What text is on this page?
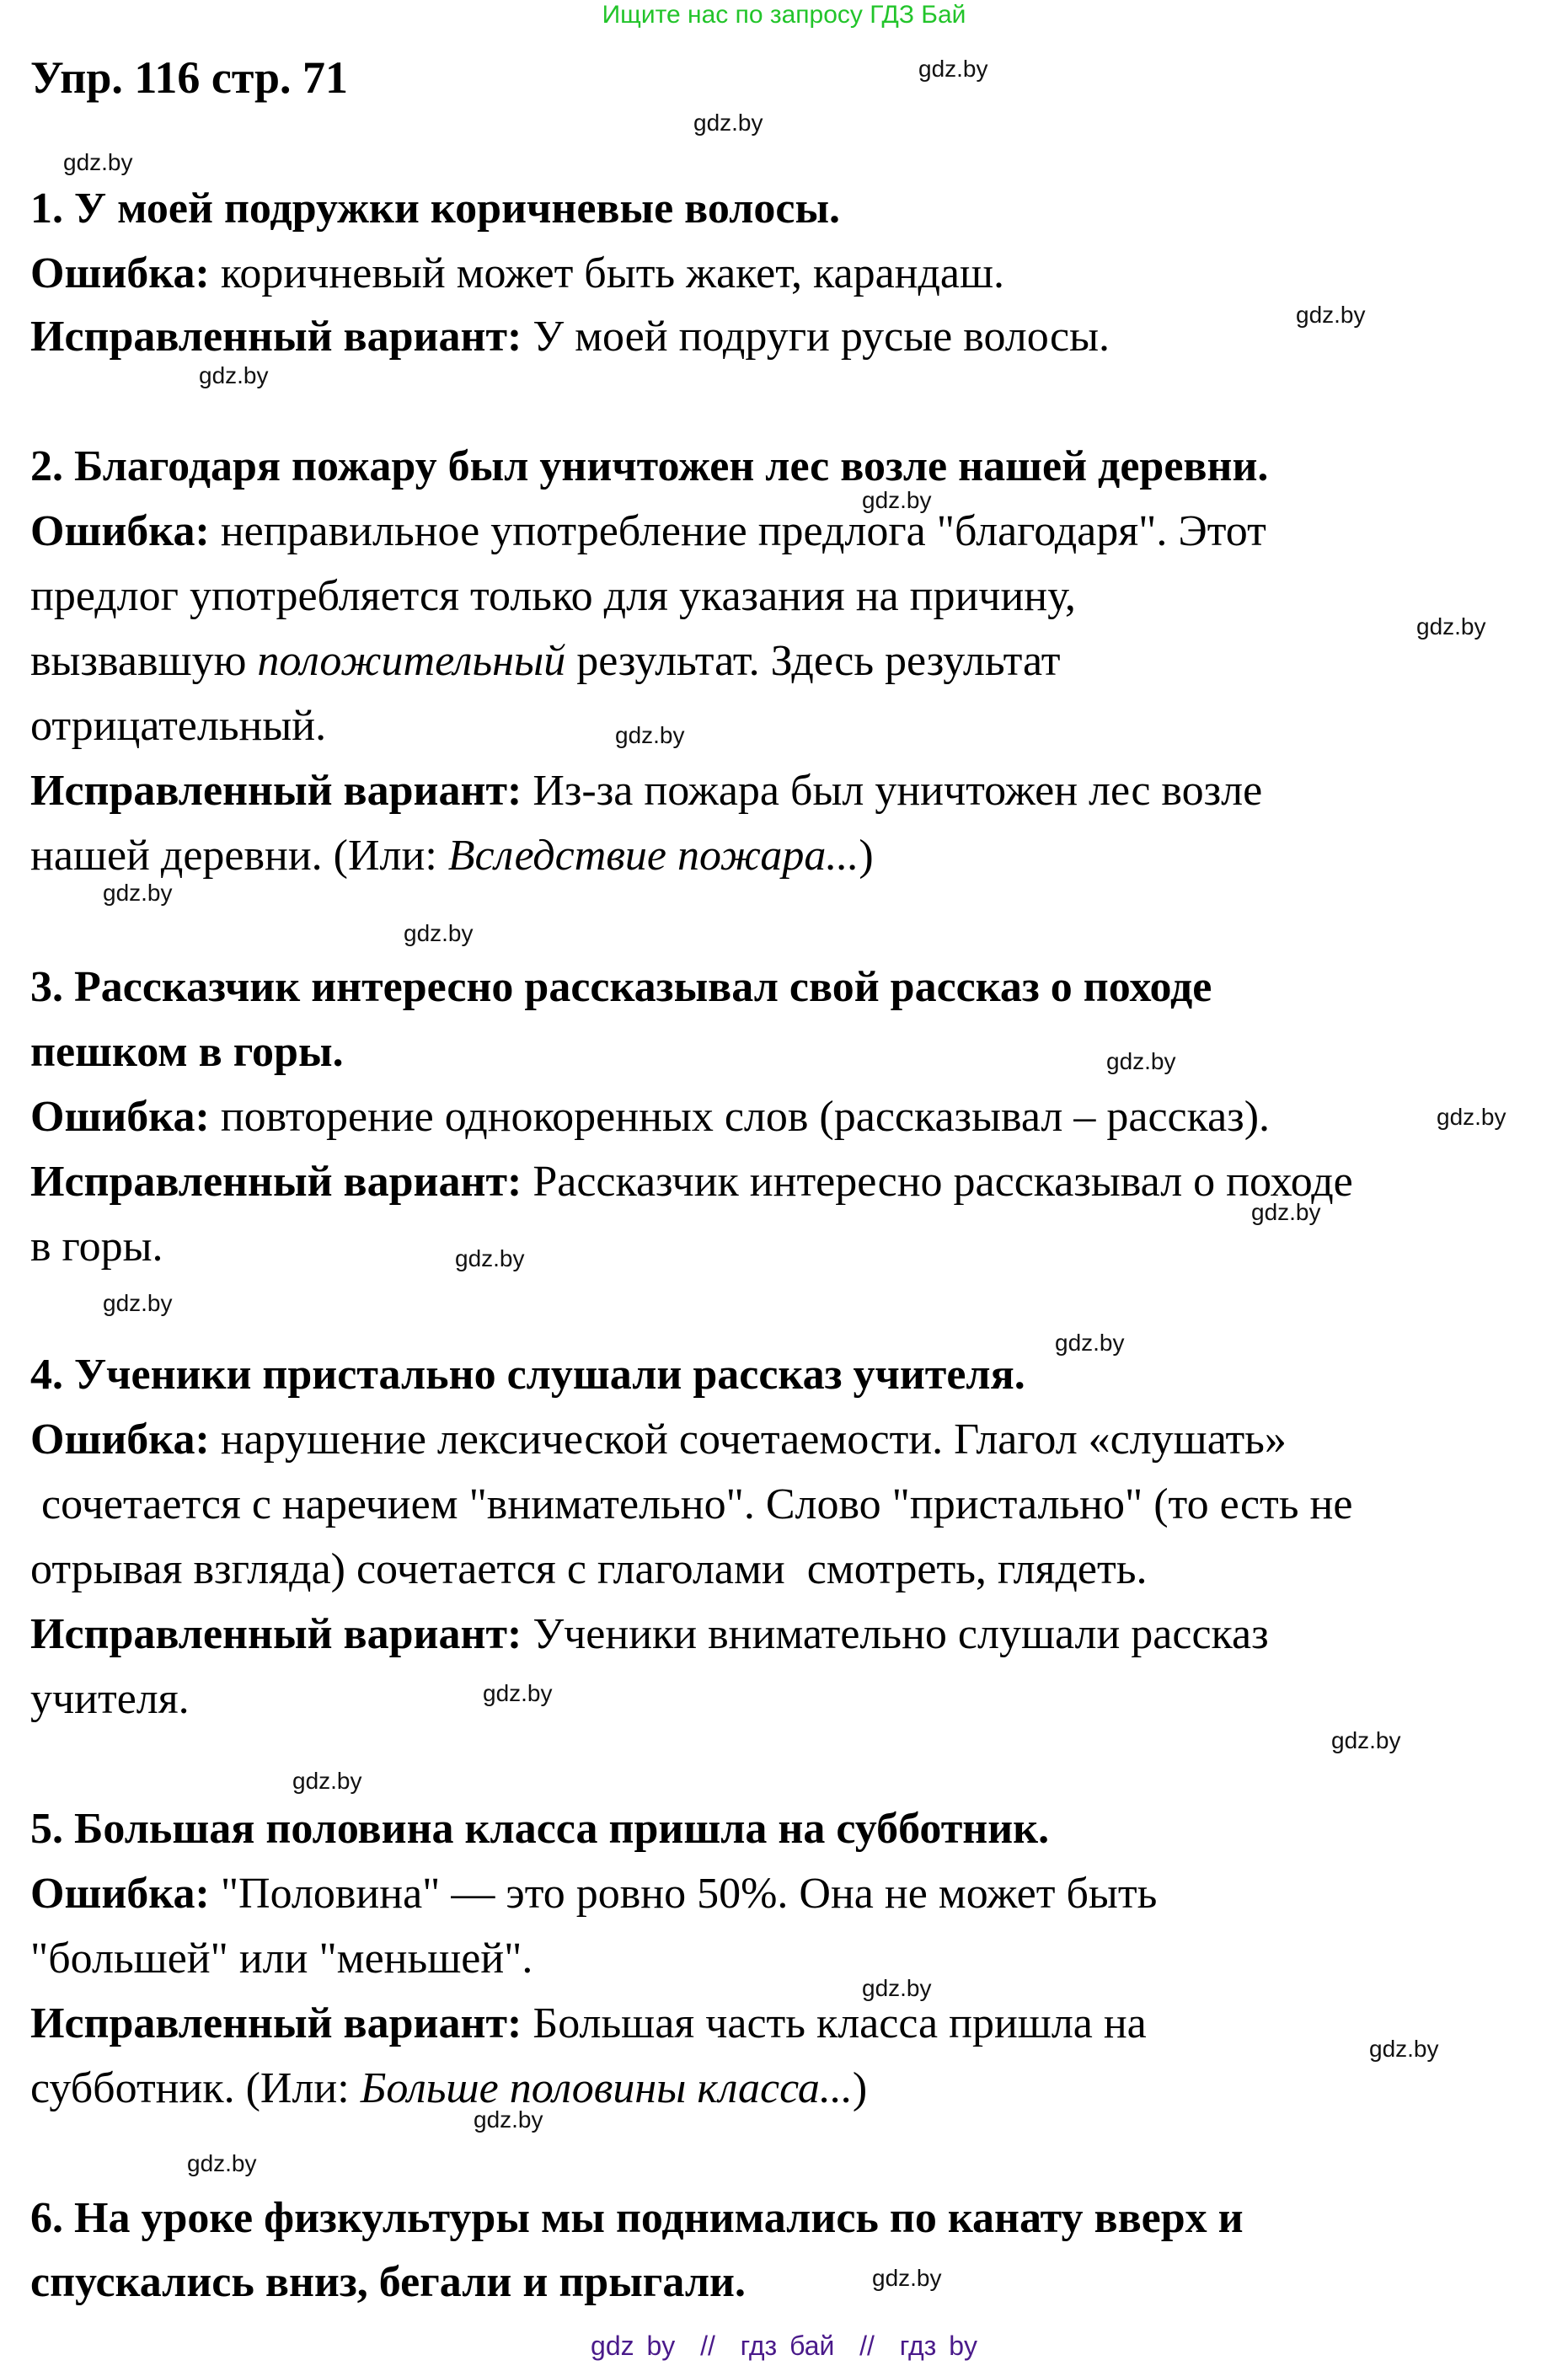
Ищите нас по запросу ГДЗ Бай
Упр. 116 стр. 71
1. У моей подружки коричневые волосы.
Ошибка: коричневый может быть жакет, карандаш.
Исправленный вариант: У моей подруги русые волосы.
2. Благодаря пожару был уничтожен лес возле нашей деревни.
Ошибка: неправильное употребление предлога "благодаря". Этот
предлог употребляется только для указания на причину,
вызвавшую положительный результат. Здесь результат
отрицательный.
Исправленный вариант: Из-за пожара был уничтожен лес возле
нашей деревни. (Или: Вследствие пожара...)
3. Рассказчик интересно рассказывал свой рассказ о походе
пешком в горы.
Ошибка: повторение однокоренных слов (рассказывал – рассказ).
Исправленный вариант: Рассказчик интересно рассказывал о походе
в горы.
4. Ученики пристально слушали рассказ учителя.
Ошибка: нарушение лексической сочетаемости. Глагол «слушать»
сочетается с наречием "внимательно". Слово "пристально" (то есть не
отрывая взгляда) сочетается с глаголами  смотреть, глядеть.
Исправленный вариант: Ученики внимательно слушали рассказ
учителя.
5. Большая половина класса пришла на субботник.
Ошибка: "Половина" — это ровно 50%. Она не может быть
"большей" или "меньшей".
Исправленный вариант: Большая часть класса пришла на
субботник. (Или: Больше половины класса...)
6. На уроке физкультуры мы поднимались по канату вверх и
спускались вниз, бегали и прыгали.
gdz.by
gdz.by
gdz.by
gdz.by
gdz.by
gdz.by
gdz.by
gdz.by
gdz.by
gdz.by
gdz.by
gdz.by
gdz.by
gdz.by
gdz.by
gdz.by
gdz.by
gdz.by
gdz.by
gdz.by
gdz.by
gdz.by
gdz.by
gdz.by
gdz by  //  гдз бай  //  гдз by
